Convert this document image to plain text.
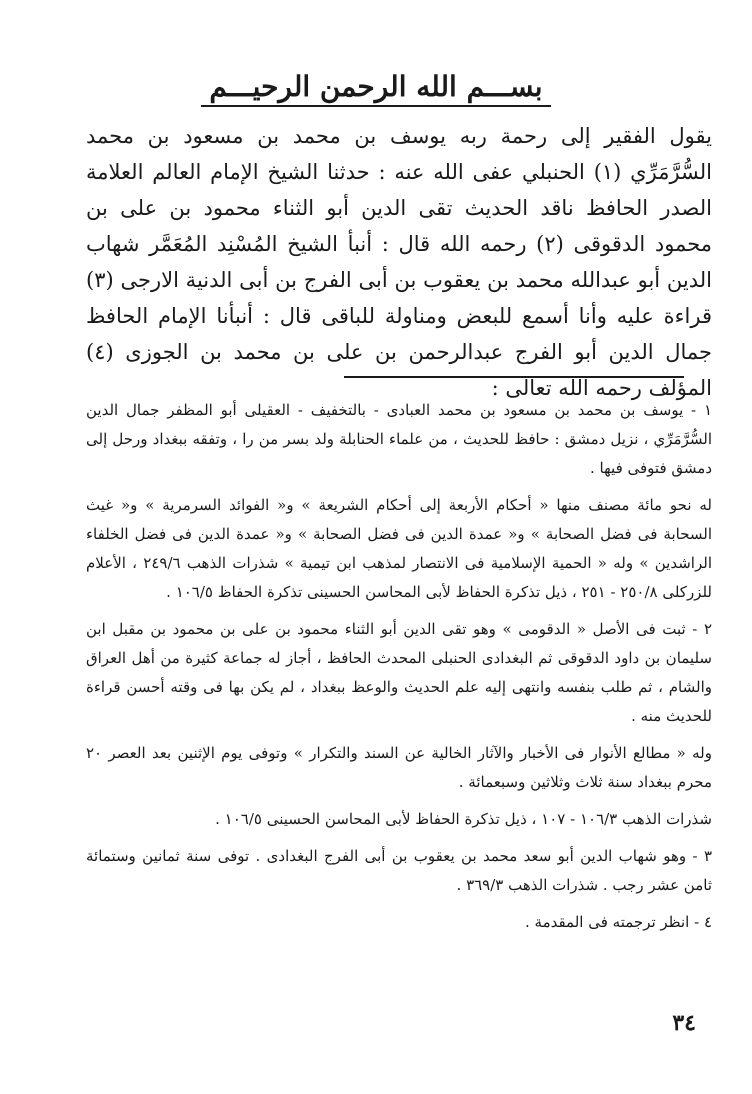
بســـم الله الرحمن الرحيـــم

يقول الفقير إلى رحمة ربه يوسف بن محمد بن مسعود بن محمد السُّرَّمَرِّي (١) الحنبلي عفى الله عنه : حدثنا الشيخ الإمام العالم العلامة الصدر الحافظ ناقد الحديث تقى الدين أبو الثناء محمود بن على بن محمود الدقوقى (٢) رحمه الله قال : أنبأ الشيخ المُسْنِد المُعَمَّر شهاب الدين أبو عبدالله محمد بن يعقوب بن أبى الفرج بن أبى الدنية الارجى (٣) قراءة عليه وأنا أسمع للبعض ومناولة للباقى قال : أنبأنا الإمام الحافظ جمال الدين أبو الفرج عبدالرحمن بن على بن محمد بن الجوزى (٤) المؤلف رحمه الله تعالى :

١ - يوسف بن محمد بن مسعود بن محمد العبادى - بالتخفيف - العقيلى أبو المظفر جمال الدين السُّرَّمَرِّي ، نزيل دمشق : حافظ للحديث ، من علماء الحنابلة ولد بسر من را ، وتفقه ببغداد ورحل إلى دمشق فتوفى فيها .

له نحو مائة مصنف منها « أحكام الأربعة إلى أحكام الشريعة » و« الفوائد السرمرية » و« غيث السحابة فى فضل الصحابة » و« عمدة الدين فى فضل الصحابة » و« عمدة الدين فى فضل الخلفاء الراشدين » وله « الحمية الإسلامية فى الانتصار لمذهب ابن تيمية » شذرات الذهب ٢٤٩/٦ ، الأعلام للزركلى ٢٥٠/٨ - ٢٥١ ، ذيل تذكرة الحفاظ لأبى المحاسن الحسينى تذكرة الحفاظ ١٠٦/٥ .

٢ - ثبت فى الأصل « الدقومى » وهو تقى الدين أبو الثناء محمود بن على بن محمود بن مقبل ابن سليمان بن داود الدقوقى ثم البغدادى الحنبلى المحدث الحافظ ، أجاز له جماعة كثيرة من أهل العراق والشام ، ثم طلب بنفسه وانتهى إليه علم الحديث والوعظ ببغداد ، لم يكن بها فى وقته أحسن قراءة للحديث منه .

وله « مطالع الأنوار فى الأخبار والآثار الخالية عن السند والتكرار » وتوفى يوم الإثنين بعد العصر ٢٠ محرم ببغداد سنة ثلاث وثلاثين وسبعمائة .

شذرات الذهب ١٠٦/٣ - ١٠٧ ، ذيل تذكرة الحفاظ لأبى المحاسن الحسينى ١٠٦/٥ .

٣ - وهو شهاب الدين أبو سعد محمد بن يعقوب بن أبى الفرج البغدادى . توفى سنة ثمانين وستمائة ثامن عشر رجب . شذرات الذهب ٣٦٩/٣ .

٤ - انظر ترجمته فى المقدمة .

٣٤
